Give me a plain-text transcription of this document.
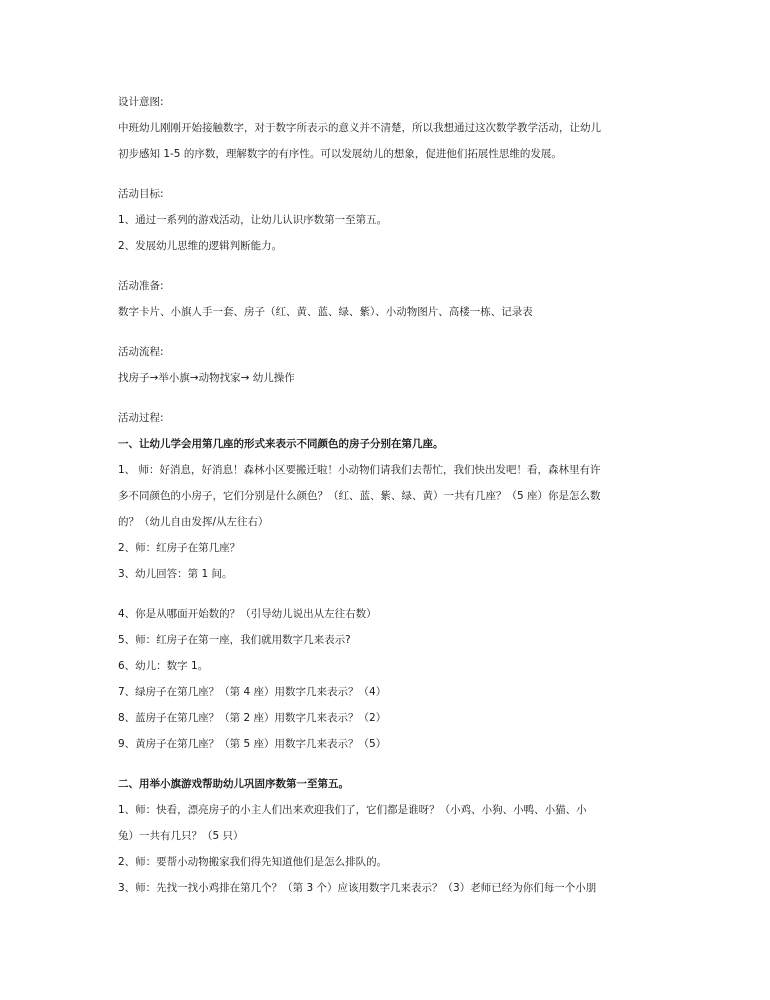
设计意图:
中班幼儿刚刚开始接触数字，对于数字所表示的意义并不清楚，所以我想通过这次数学教学活动，让幼儿
初步感知 1-5 的序数，理解数字的有序性。可以发展幼儿的想象，促进他们拓展性思维的发展。
活动目标:
1、通过一系列的游戏活动，让幼儿认识序数第一至第五。
2、发展幼儿思维的逻辑判断能力。
活动准备:
数字卡片、小旗人手一套、房子（红、黄、蓝、绿、紫）、小动物图片、高楼一栋、记录表
活动流程:
找房子→举小旗→动物找家→ 幼儿操作
活动过程:
一、让幼儿学会用第几座的形式来表示不同颜色的房子分别在第几座。
1、 师：好消息，好消息！森林小区要搬迁啦！小动物们请我们去帮忙，我们快出发吧！看，森林里有许
多不同颜色的小房子，它们分别是什么颜色？（红、蓝、紫、绿、黄）一共有几座？（5 座）你是怎么数
的？（幼儿自由发挥/从左往右）
2、师：红房子在第几座？
3、幼儿回答：第 1 间。
4、你是从哪面开始数的？（引导幼儿说出从左往右数）
5、师：红房子在第一座，我们就用数字几来表示?
6、幼儿：数字 1。
7、绿房子在第几座？（第 4 座）用数字几来表示？（4）
8、蓝房子在第几座？（第 2 座）用数字几来表示？（2）
9、黄房子在第几座？（第 5 座）用数字几来表示？（5）
二、用举小旗游戏帮助幼儿巩固序数第一至第五。
1、师：快看，漂亮房子的小主人们出来欢迎我们了，它们都是谁呀？（小鸡、小狗、小鸭、小猫、小
兔）一共有几只？（5 只）
2、师：要帮小动物搬家我们得先知道他们是怎么排队的。
3、师：先找一找小鸡排在第几个？（第 3 个）应该用数字几来表示？（3）老师已经为你们每一个小朋
